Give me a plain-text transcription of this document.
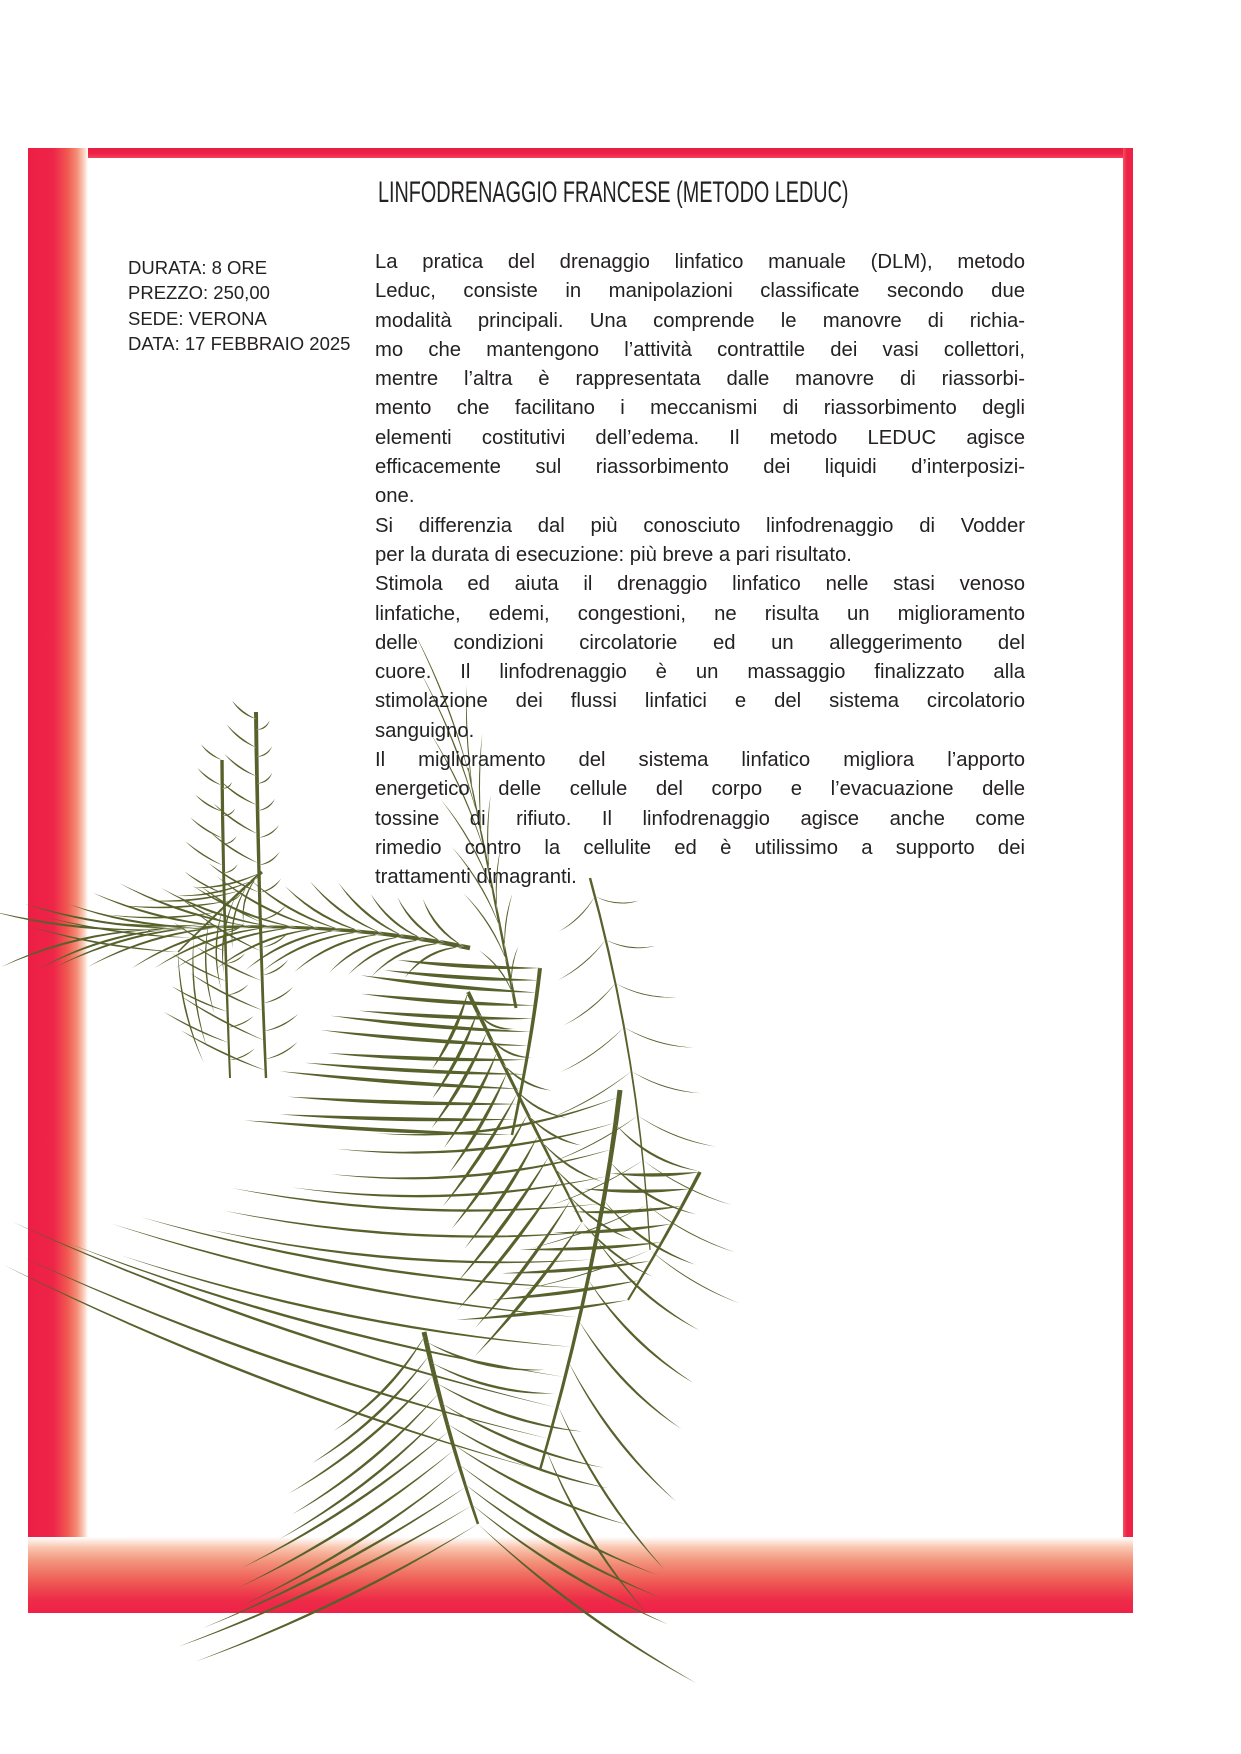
LINFODRENAGGIO FRANCESE (METODO LEDUC)
DURATA: 8 ORE
PREZZO: 250,00
SEDE: VERONA
DATA: 17 FEBBRAIO 2025
La pratica del drenaggio linfatico manuale (DLM), metodo
Leduc, consiste in manipolazioni classificate secondo due
modalità principali. Una comprende le manovre di richia-
mo che mantengono l’attività contrattile dei vasi collettori,
mentre l’altra è rappresentata dalle manovre di riassorbi-
mento che facilitano i meccanismi di riassorbimento degli
elementi costitutivi dell’edema. Il metodo LEDUC agisce
efficacemente sul riassorbimento dei liquidi d’interposizi-
one.
Si differenzia dal più conosciuto linfodrenaggio di Vodder
per la durata di esecuzione: più breve a pari risultato.
Stimola ed aiuta il drenaggio linfatico nelle stasi venoso
linfatiche, edemi, congestioni, ne risulta un miglioramento
delle condizioni circolatorie ed un alleggerimento del
cuore. Il linfodrenaggio è un massaggio finalizzato alla
stimolazione dei flussi linfatici e del sistema circolatorio
sanguigno.
Il miglioramento del sistema linfatico migliora l’apporto
energetico delle cellule del corpo e l’evacuazione delle
tossine di rifiuto. Il linfodrenaggio agisce anche come
rimedio contro la cellulite ed è utilissimo a supporto dei
trattamenti dimagranti.
